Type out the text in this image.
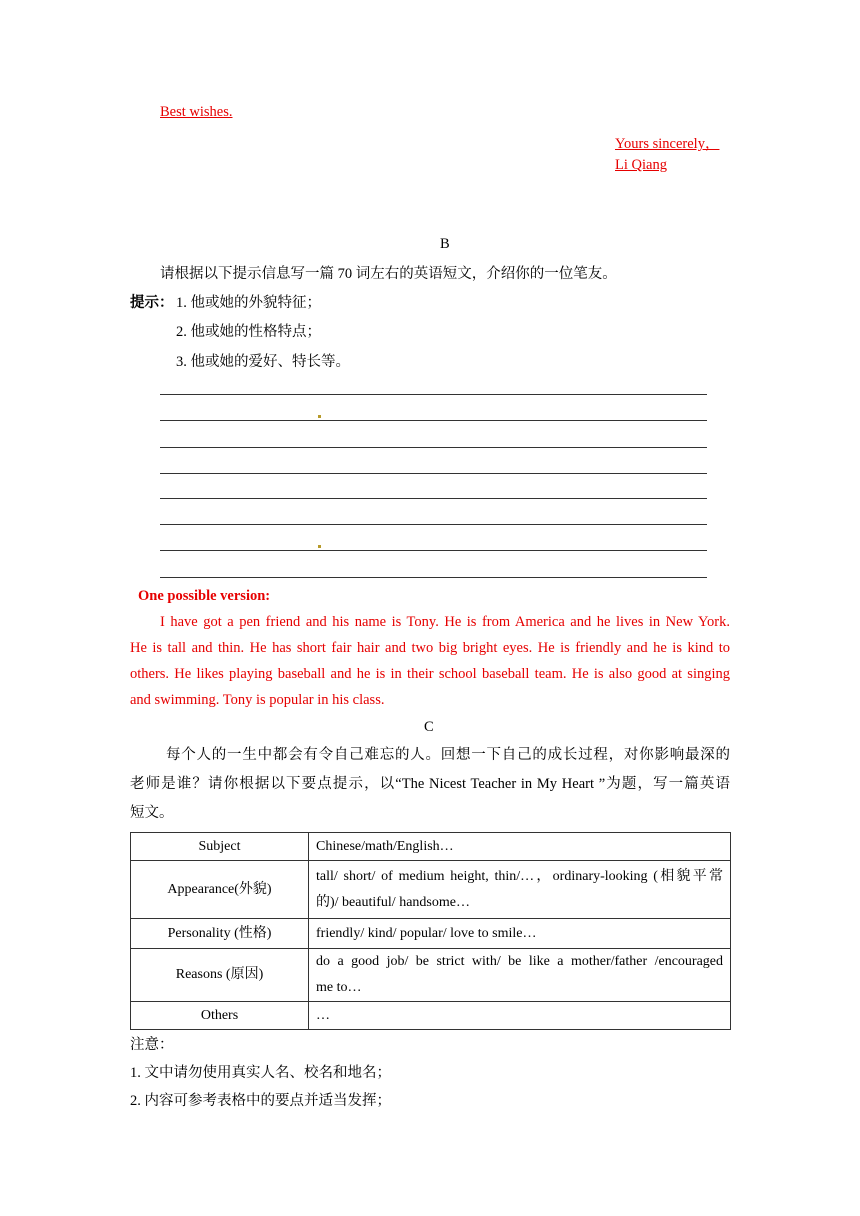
Best wishes.
Yours sincerely，
Li Qiang
B
请根据以下提示信息写一篇 70 词左右的英语短文，介绍你的一位笔友。
提示： 1. 他或她的外貌特征；
2. 他或她的性格特点；
3. 他或她的爱好、特长等。
One possible version:
I have got a pen friend and his name is Tony. He is from America and he lives in New York.
He is tall and thin. He has short fair hair and two big bright eyes. He is friendly and he is kind to
others. He likes playing baseball and he is in their school baseball team. He is also good at singing
and swimming. Tony is popular in his class.
C
每个人的一生中都会有令自己难忘的人。回想一下自己的成长过程，对你影响最深的
老师是谁？请你根据以下要点提示，以“The Nicest Teacher in My Heart ”为题，写一篇英语
短文。
Subject	Chinese/math/English…
Appearance(外貌)	tall/ short/ of medium height, thin/…，ordinary-looking (相貌平常
的)/ beautiful/ handsome…

Personality (性格)	friendly/ kind/ popular/ love to smile…
Reasons (原因)	do a good job/ be strict with/ be like a mother/father /encouraged
me to…

Others	…
注意：
1. 文中请勿使用真实人名、校名和地名；
2. 内容可参考表格中的要点并适当发挥；
